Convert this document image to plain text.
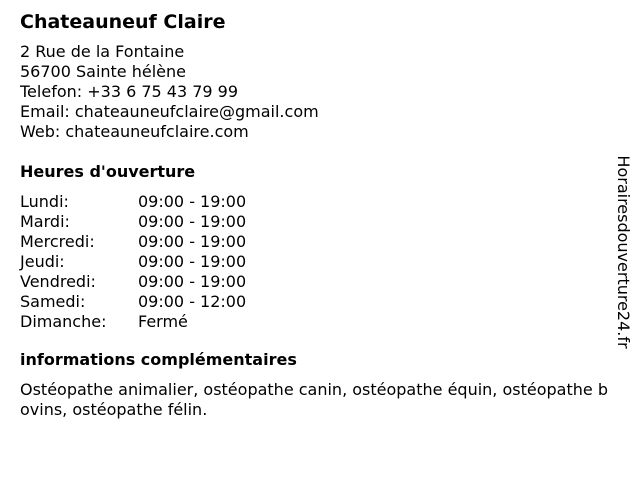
Chateauneuf Claire
2 Rue de la Fontaine
56700 Sainte hélène
Telefon: +33 6 75 43 79 99
Email: chateauneufclaire@gmail.com
Web: chateauneufclaire.com
Heures d'ouverture
Lundi:	09:00 - 19:00
Mardi:	09:00 - 19:00
Mercredi:	09:00 - 19:00
Jeudi:	09:00 - 19:00
Vendredi:	09:00 - 19:00
Samedi:	09:00 - 12:00
Dimanche:	Fermé
informations complémentaires
Ostéopathe animalier, ostéopathe canin, ostéopathe équin, ostéopathe bovins, ostéopathe félin.
Horairesdouverture24.fr
